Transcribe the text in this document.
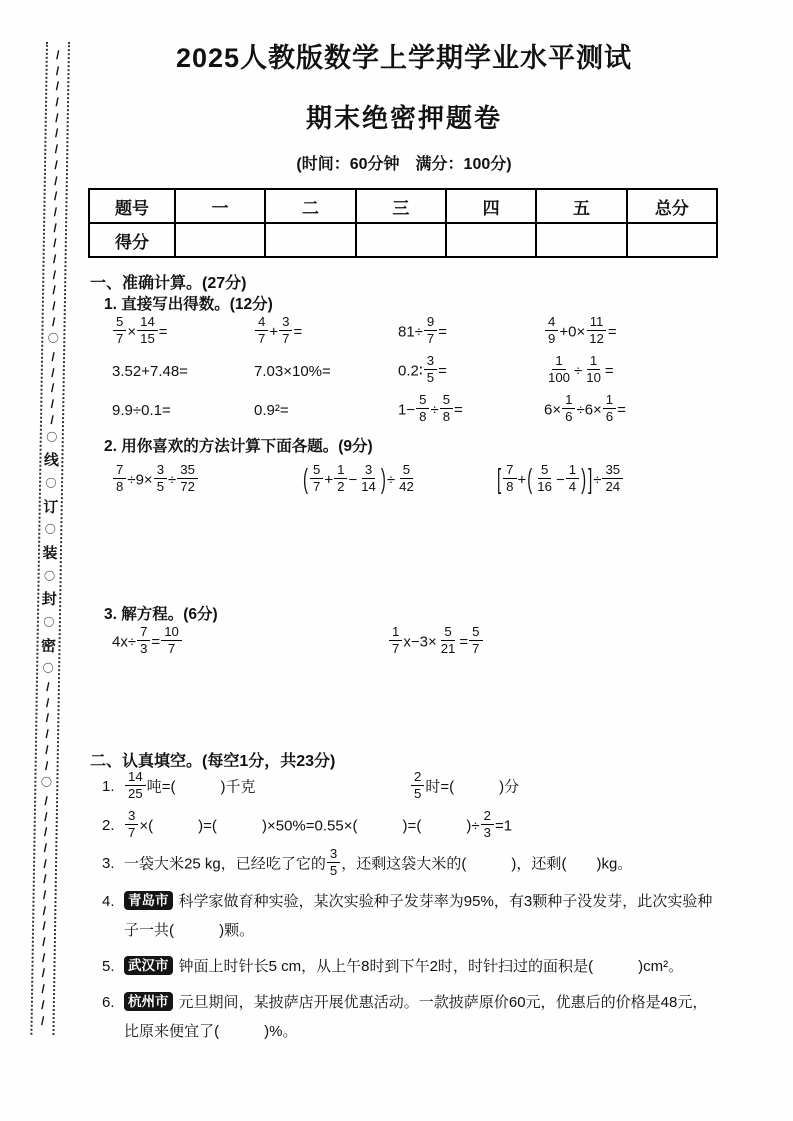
/
/
/
/
/
/
/
/
/
/
/
/
/
/
/
/
/
/
〇
/
/
/
/
/
〇
线
〇
订
〇
装
〇
封
〇
密
〇
/
/
/
/
/
/
〇
/
/
/
/
/
/
/
/
/
/
/
/
/
/
/
2025人教版数学上学期学业水平测试
期末绝密押题卷
(时间：60分钟　满分：100分)
题号	一	二	三	四	五	总分
得分						
一、准确计算。(27分)
1. 直接写出得数。(12分)
$\frac{5}{7} \times \frac{14}{15}$ =	$\frac{4}{7} + \frac{3}{7}$ =	$81\div \frac{9}{7}$ =	$\frac{4}{9} +0\times \frac{11}{12}$ =
3.52+7.48=	7.03×10%=	0.2∶ $\frac{3}{5}$ =	$\frac{1}{100} \div \frac{1}{10}$ =
9.9÷0.1=	0.9²=	$1- \frac{5}{8} \div \frac{5}{8}$ =	$6\times \frac{1}{6} \div 6\times \frac{1}{6}$ =
2. 用你喜欢的方法计算下面各题。(9分)
$\frac{7}{8} \div 9\times \frac{3}{5} \div \frac{35}{72}$	( $\frac{5}{7} + \frac{1}{2} - \frac{3}{14}$ )÷ $\frac{5}{42}$	[ $\frac{7}{8}$ +( $\frac{5}{16} - \frac{1}{4}$ ) ]÷ $\frac{35}{24}$
3. 解方程。(6分)
$4x\div \frac{7}{3} = \frac{10}{7}$	$\frac{1}{7} x-3\times \frac{5}{21} = \frac{5}{7}$
二、认真填空。(每空1分，共23分)
1. $\frac{14}{25}$ 吨=(　　　	)千克	$\frac{2}{5}$ 时=(　　　	)分
2. $\frac{3}{7}$ ×(　　　	)=(　　　	)×50%=0.55×(　　　	)=(　　　	)÷ $\frac{2}{3} =1$
3. 一袋大米25 kg，已经吃了它的 $\frac{3}{5}$ ，还剩这袋大米的(　　　	)，还剩(　　 )kg。
4. 青岛市 科学家做育种实验，某次实验种子发芽率为95%，有3颗种子没发芽，此次实验种子一共(　　　	)颗。
5. 武汉市 钟面上时针长5 cm，从上午8时到下午2时，时针扫过的面积是(　　　	)cm²。
6. 杭州市 元旦期间，某披萨店开展优惠活动。一款披萨原价60元，优惠后的价格是48元，比原来便宜了(　　　	)%。
